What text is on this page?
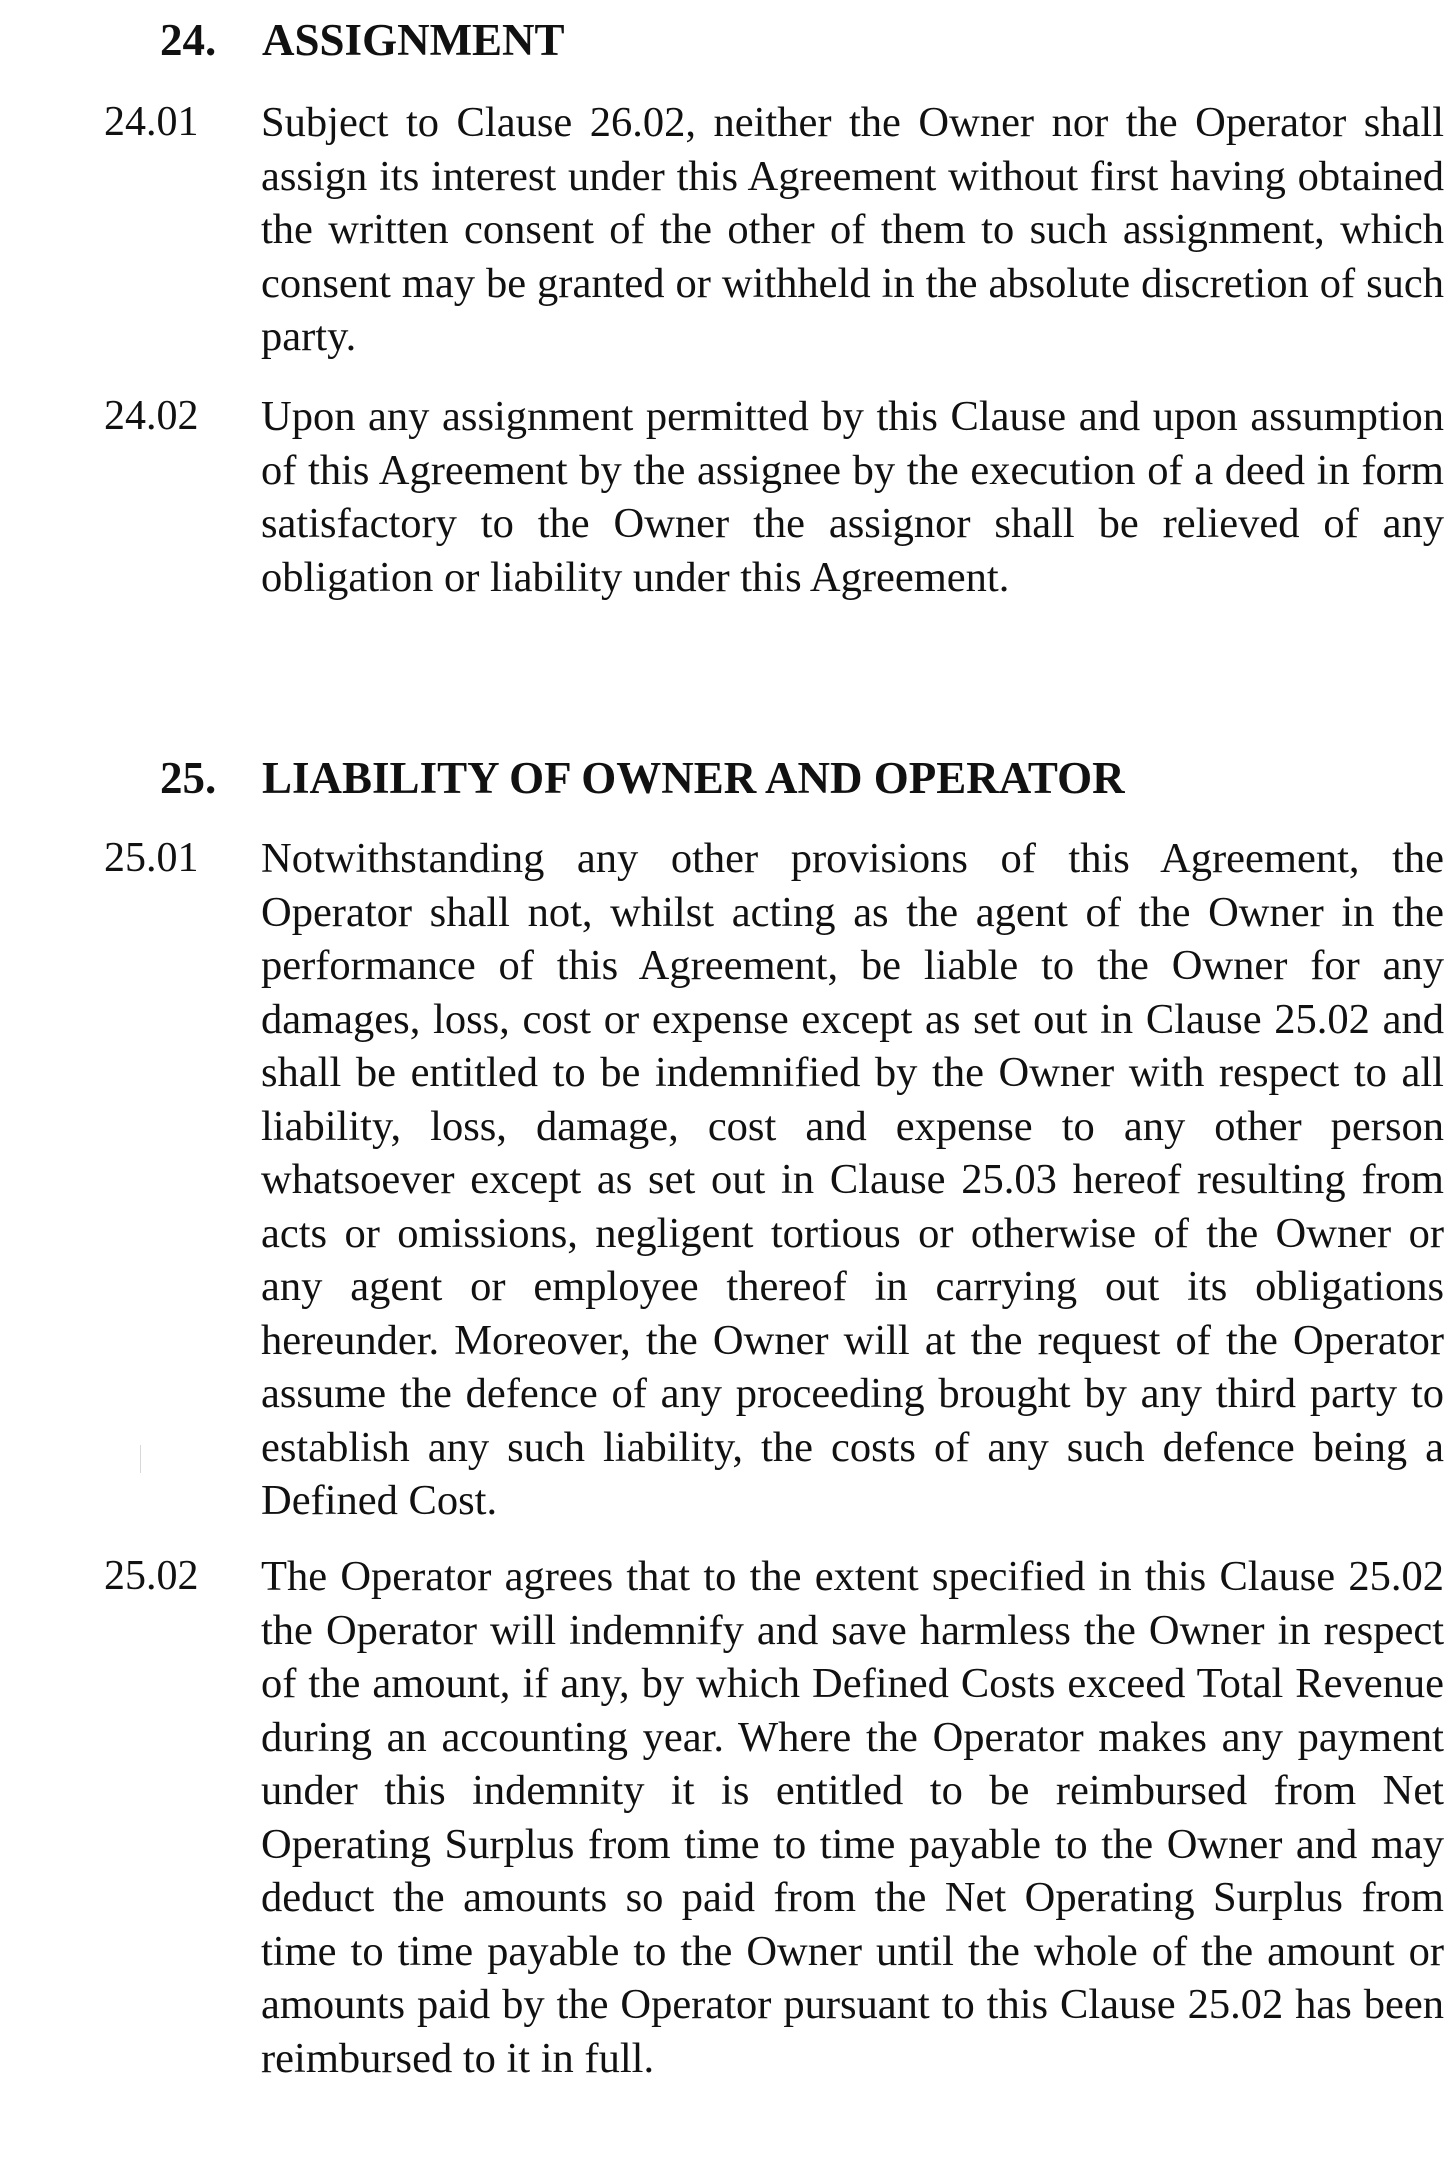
24. ASSIGNMENT
24.01 Subject to Clause 26.02, neither the Owner nor the Operator shall assign its interest under this Agreement without first having obtained the written consent of the other of them to such assignment, which consent may be granted or withheld in the absolute discretion of such party.
24.02 Upon any assignment permitted by this Clause and upon assumption of this Agreement by the assignee by the execution of a deed in form satisfactory to the Owner the assignor shall be relieved of any obligation or liability under this Agreement.
25. LIABILITY OF OWNER AND OPERATOR
25.01 Notwithstanding any other provisions of this Agreement, the Operator shall not, whilst acting as the agent of the Owner in the performance of this Agreement, be liable to the Owner for any damages, loss, cost or expense except as set out in Clause 25.02 and shall be entitled to be indemnified by the Owner with respect to all liability, loss, damage, cost and expense to any other person whatsoever except as set out in Clause 25.03 hereof resulting from acts or omissions, negligent tortious or otherwise of the Owner or any agent or employee thereof in carrying out its obligations hereunder. Moreover, the Owner will at the request of the Operator assume the defence of any proceeding brought by any third party to establish any such liability, the costs of any such defence being a Defined Cost.
25.02 The Operator agrees that to the extent specified in this Clause 25.02 the Operator will indemnify and save harmless the Owner in respect of the amount, if any, by which Defined Costs exceed Total Revenue during an accounting year. Where the Operator makes any payment under this indemnity it is entitled to be reimbursed from Net Operating Surplus from time to time payable to the Owner and may deduct the amounts so paid from the Net Operating Surplus from time to time payable to the Owner until the whole of the amount or amounts paid by the Operator pursuant to this Clause 25.02 has been reimbursed to it in full.
